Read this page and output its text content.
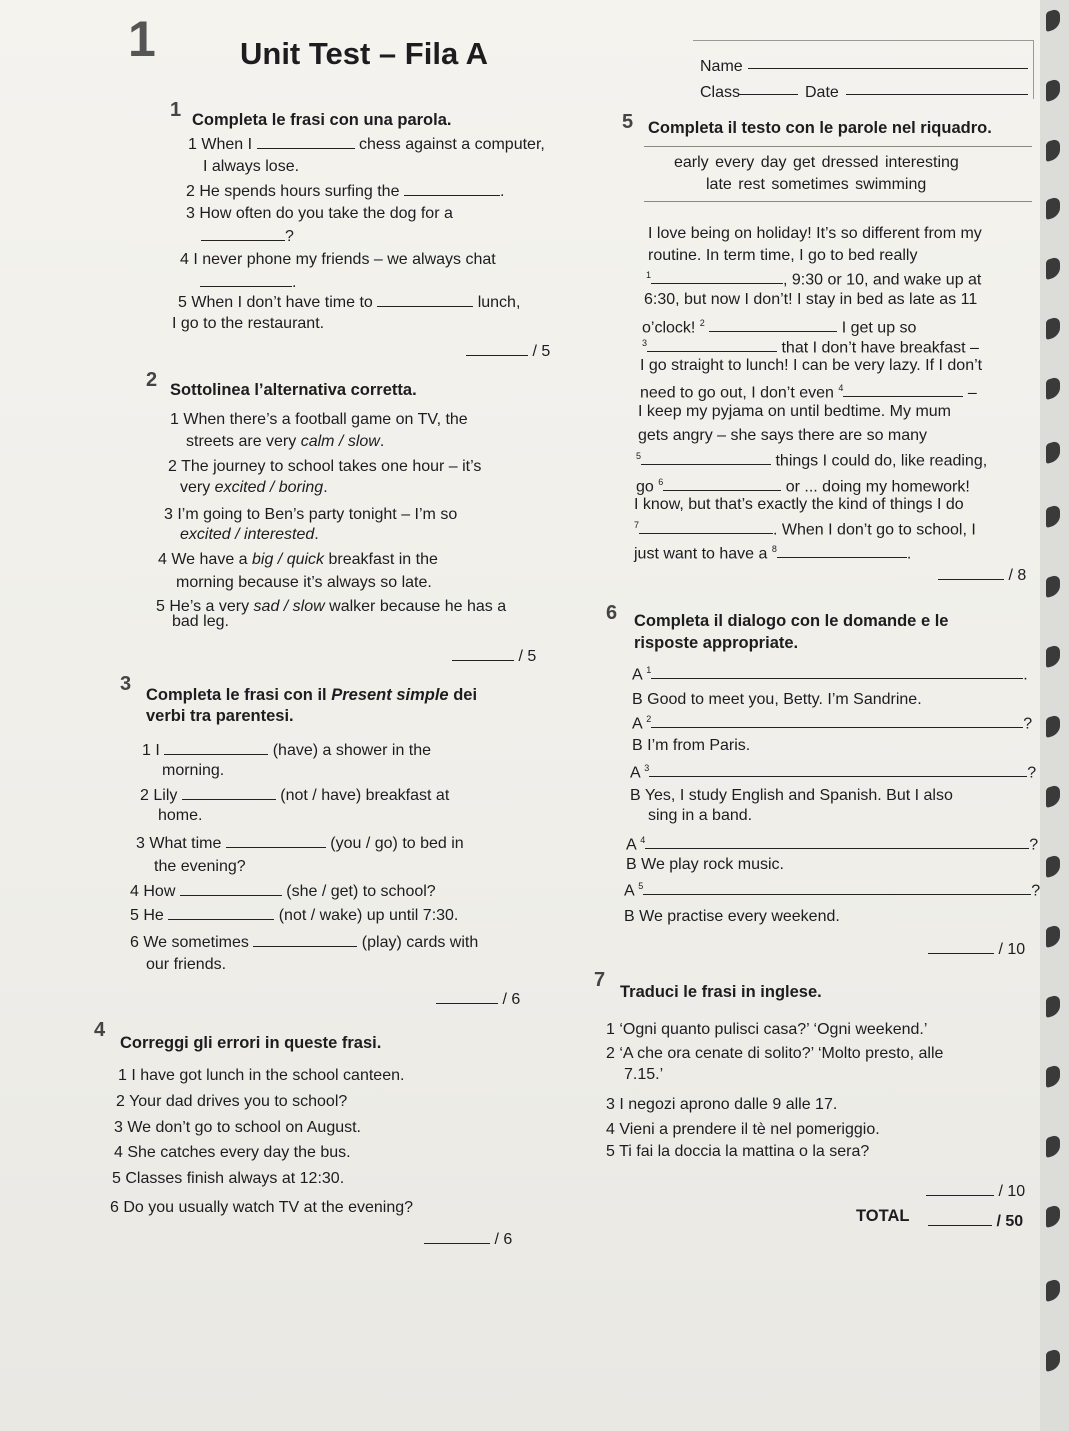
1	Unit Test – Fila A	Name
Class	Date
1 Completa le frasi con una parola.
1 When I	chess against a computer,
I always lose.
2 He spends hours surfing the	.
3 How often do you take the dog for a
?
4 I never phone my friends – we always chat
.
5 When I don’t have time to	lunch,
I go to the restaurant.
/ 5
2 Sottolinea l’alternativa corretta.
1 When there’s a football game on TV, the
streets are very calm / slow.
2 The journey to school takes one hour – it’s
very excited / boring.
3 I’m going to Ben’s party tonight – I’m so
excited / interested.
4 We have a big / quick breakfast in the
morning because it’s always so late.
5 He’s a very sad / slow walker because he has a
bad leg.
/ 5
3 Completa le frasi con il Present simple dei
verbi tra parentesi.
1 I	(have) a shower in the
morning.
2 Lily	(not / have) breakfast at
home.
3 What time	(you / go) to bed in
the evening?
4 How	(she / get) to school?
5 He	(not / wake) up until 7:30.
6 We sometimes	(play) cards with
our friends.
/ 6
4
Correggi gli errori in queste frasi.
1 I have got lunch in the school canteen.
2 Your dad drives you to school?
3 We don’t go to school on August.
4 She catches every day the bus.
5 Classes finish always at 12:30.
6 Do you usually watch TV at the evening?
/ 6
5 Completa il testo con le parole nel riquadro.
early every day get dressed interesting
late rest sometimes swimming
I love being on holiday! It’s so different from my
routine. In term time, I go to bed really
$^1$	, 9:30 or 10, and wake up at
6:30, but now I don’t! I stay in bed as late as 11
o’clock! $^2$	I get up so
$^3$	that I don’t have breakfast –
I go straight to lunch! I can be very lazy. If I don’t
need to go out, I don’t even $^4$	–
I keep my pyjama on until bedtime. My mum
gets angry – she says there are so many
$^5$	things I could do, like reading,
go $^6$	or ... doing my homework!
I know, but that’s exactly the kind of things I do
$^7$	. When I don’t go to school, I
just want to have a $^8$	.
/ 8
6 Completa il dialogo con le domande e le
risposte appropriate.
A $^1$	.
B Good to meet you, Betty. I’m Sandrine.
A $^2$	?
B I’m from Paris.
A $^3$	?
B Yes, I study English and Spanish. But I also
sing in a band.
A $^4$	?
B We play rock music.
A $^5$	?
B We practise every weekend.
/ 10
7
Traduci le frasi in inglese.
1 ‘Ogni quanto pulisci casa?’ ‘Ogni weekend.’
2 ‘A che ora cenate di solito?’ ‘Molto presto, alle
7.15.’
3 I negozi aprono dalle 9 alle 17.
4 Vieni a prendere il tè nel pomeriggio.
5 Ti fai la doccia la mattina o la sera?
/ 10
TOTAL	/ 50
